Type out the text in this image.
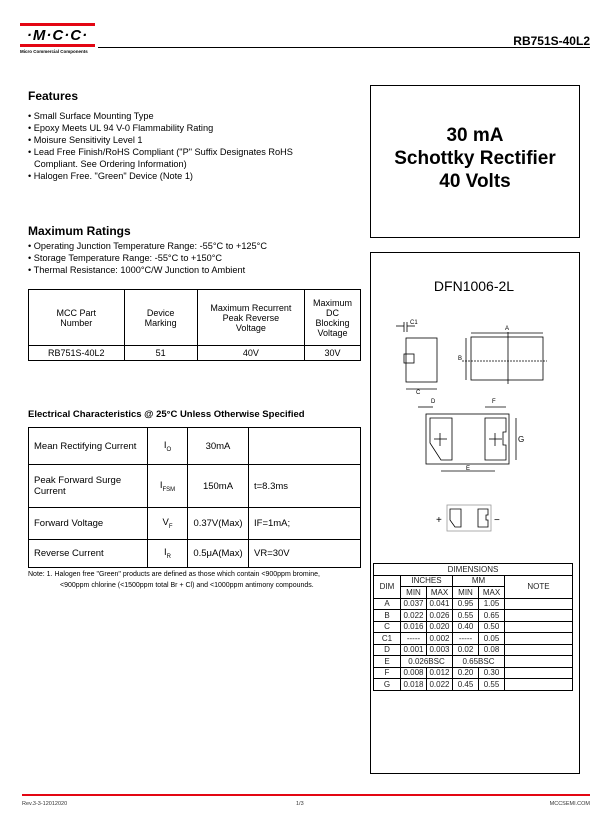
·M·C·C·
Micro Commercial Components
RB751S-40L2
Features
• Small Surface Mounting Type
• Epoxy Meets UL 94 V-0 Flammability Rating
• Moisure Sensitivity Level 1
• Lead Free Finish/RoHS Compliant ("P" Suffix Designates RoHS Compliant. See Ordering Information)
• Halogen Free. "Green" Device (Note 1)
30 mA
Schottky Rectifier
40 Volts
Maximum Ratings
• Operating Junction Temperature Range: -55°C to +125°C
• Storage Temperature Range: -55°C to +150°C
• Thermal Resistance: 1000°C/W Junction to Ambient
MCC Part Number	Device Marking	Maximum Recurrent Peak Reverse Voltage	Maximum DC Blocking Voltage
RB751S-40L2	51	40V	30V
Electrical Characteristics @ 25°C Unless Otherwise Specified
Mean Rectifying Current	$I_O$	30mA	
Peak Forward Surge Current	$I_{FSM}$	150mA	t=8.3ms
Forward Voltage	$V_F$	0.37V(Max)	IF=1mA;
Reverse Current	$I_R$	0.5μA(Max)	VR=30V
Note: 1. Halogen free "Green" products are defined as those which contain <900ppm bromine,
<900ppm chlorine (<1500ppm total Br + Cl) and <1000ppm antimony compounds.
DFN1006-2L
C1
C
A
B
D	F
G
E
+	−
DIMENSIONS					
DIM	INCHES		MM		NOTE
	MIN	MAX	MIN	MAX	
A	0.037	0.041	0.95	1.05	
B	0.022	0.026	0.55	0.65	
C	0.016	0.020	0.40	0.50	
C1	-----	0.002	-----	0.05	
D	0.001	0.003	0.02	0.08	
E	0.026BSC		0.65BSC		
F	0.008	0.012	0.20	0.30	
G	0.018	0.022	0.45	0.55	
Rev.3-3-12012020	1/3	MCCSEMI.COM
